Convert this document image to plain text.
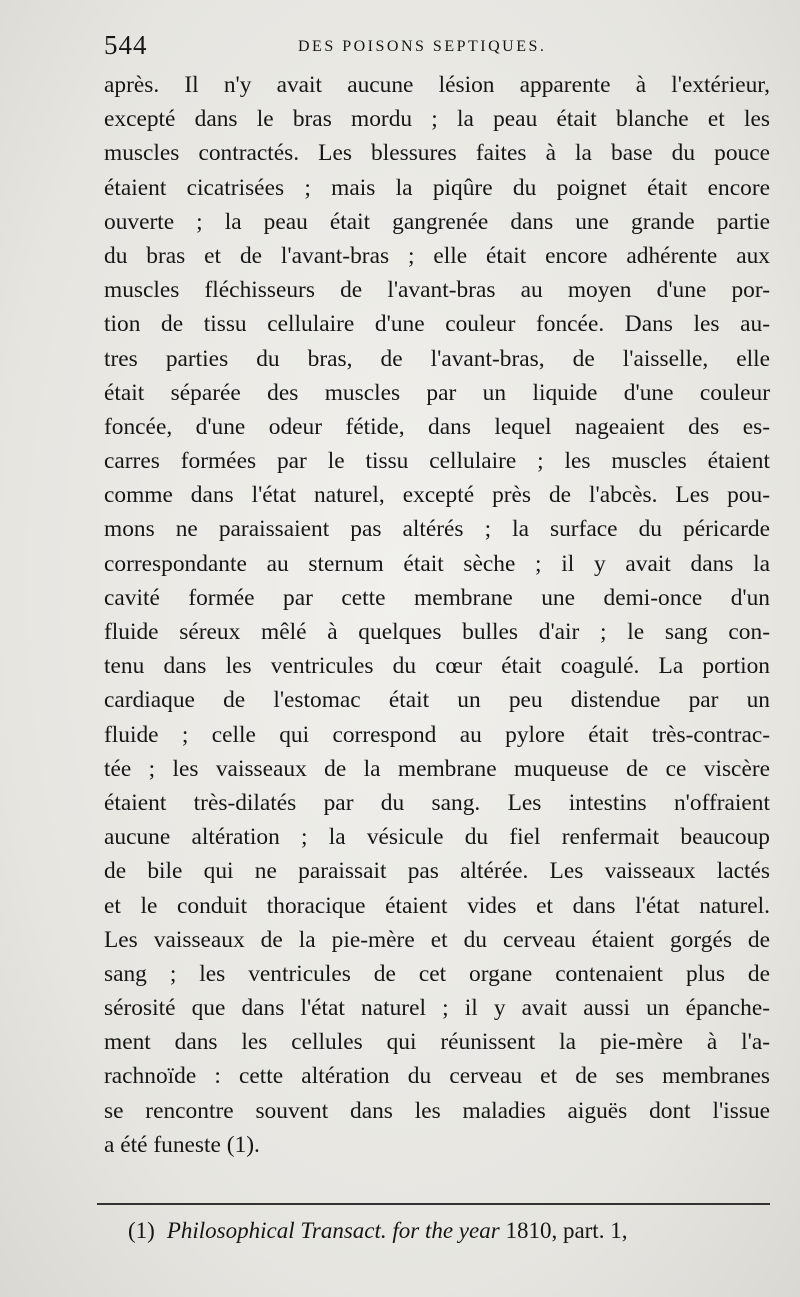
544	DES POISONS SEPTIQUES.
après. Il n'y avait aucune lésion apparente à l'extérieur,
excepté dans le bras mordu ; la peau était blanche et les
muscles contractés. Les blessures faites à la base du pouce
étaient cicatrisées ; mais la piqûre du poignet était encore
ouverte ; la peau était gangrenée dans une grande partie
du bras et de l'avant-bras ; elle était encore adhérente aux
muscles fléchisseurs de l'avant-bras au moyen d'une por-
tion de tissu cellulaire d'une couleur foncée. Dans les au-
tres parties du bras, de l'avant-bras, de l'aisselle, elle
était séparée des muscles par un liquide d'une couleur
foncée, d'une odeur fétide, dans lequel nageaient des es-
carres formées par le tissu cellulaire ; les muscles étaient
comme dans l'état naturel, excepté près de l'abcès. Les pou-
mons ne paraissaient pas altérés ; la surface du péricarde
correspondante au sternum était sèche ; il y avait dans la
cavité formée par cette membrane une demi-once d'un
fluide séreux mêlé à quelques bulles d'air ; le sang con-
tenu dans les ventricules du cœur était coagulé. La portion
cardiaque de l'estomac était un peu distendue par un
fluide ; celle qui correspond au pylore était très-contrac-
tée ; les vaisseaux de la membrane muqueuse de ce viscère
étaient très-dilatés par du sang. Les intestins n'offraient
aucune altération ; la vésicule du fiel renfermait beaucoup
de bile qui ne paraissait pas altérée. Les vaisseaux lactés
et le conduit thoracique étaient vides et dans l'état naturel.
Les vaisseaux de la pie-mère et du cerveau étaient gorgés de
sang ; les ventricules de cet organe contenaient plus de
sérosité que dans l'état naturel ; il y avait aussi un épanche-
ment dans les cellules qui réunissent la pie-mère à l'a-
rachnoïde : cette altération du cerveau et de ses membranes
se rencontre souvent dans les maladies aiguës dont l'issue
a été funeste (1).
(1) Philosophical Transact. for the year 1810, part. 1,
